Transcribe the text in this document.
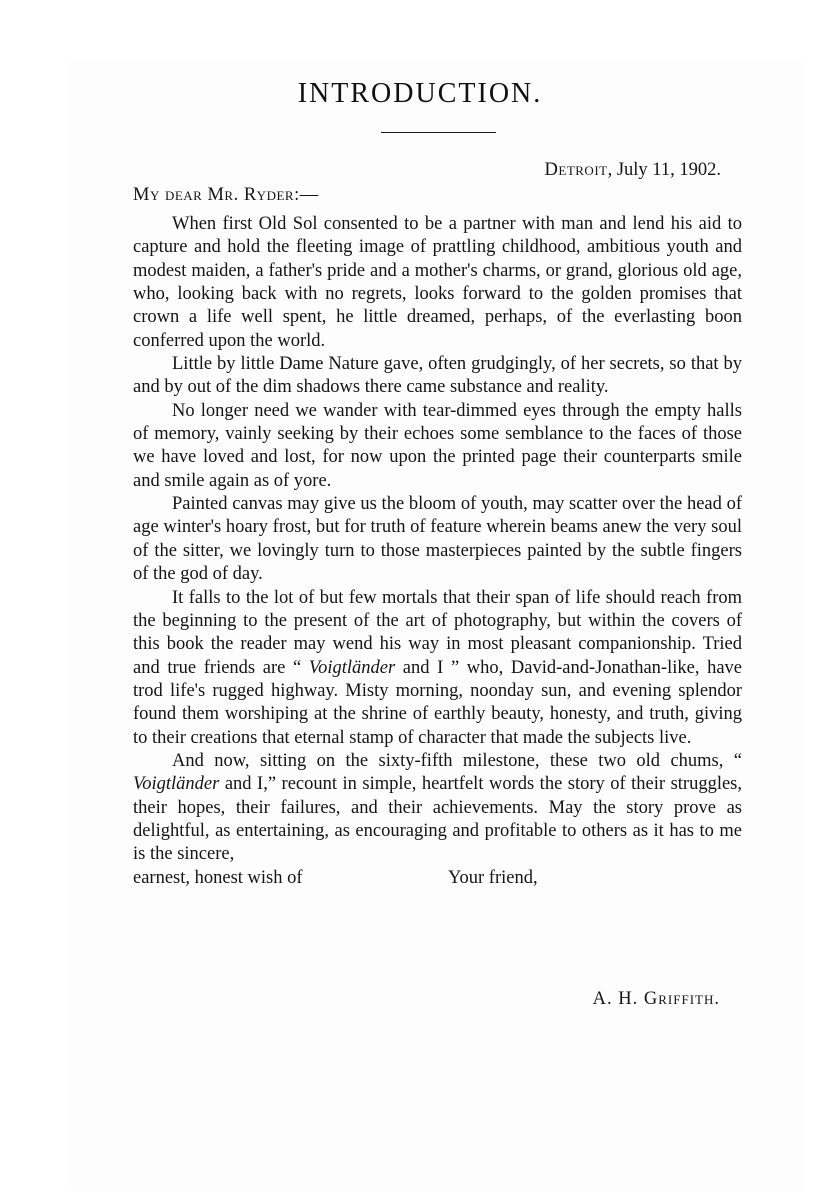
INTRODUCTION.
Detroit, July 11, 1902.
My dear Mr. Ryder:—

When first Old Sol consented to be a partner with man and lend his aid to capture and hold the fleeting image of prattling childhood, ambitious youth and modest maiden, a father's pride and a mother's charms, or grand, glorious old age, who, looking back with no regrets, looks forward to the golden promises that crown a life well spent, he little dreamed, perhaps, of the everlasting boon conferred upon the world.

Little by little Dame Nature gave, often grudgingly, of her secrets, so that by and by out of the dim shadows there came substance and reality.

No longer need we wander with tear-dimmed eyes through the empty halls of memory, vainly seeking by their echoes some semblance to the faces of those we have loved and lost, for now upon the printed page their counterparts smile and smile again as of yore.

Painted canvas may give us the bloom of youth, may scatter over the head of age winter's hoary frost, but for truth of feature wherein beams anew the very soul of the sitter, we lovingly turn to those masterpieces painted by the subtle fingers of the god of day.

It falls to the lot of but few mortals that their span of life should reach from the beginning to the present of the art of photography, but within the covers of this book the reader may wend his way in most pleasant companionship. Tried and true friends are “ Voigtländer and I ” who, David-and-Jonathan-like, have trod life's rugged highway. Misty morning, noonday sun, and evening splendor found them worshiping at the shrine of earthly beauty, honesty, and truth, giving to their creations that eternal stamp of character that made the subjects live.

And now, sitting on the sixty-fifth milestone, these two old chums, “ Voigtländer and I,” recount in simple, heartfelt words the story of their struggles, their hopes, their failures, and their achievements. May the story prove as delightful, as entertaining, as encouraging and profitable to others as it has to me is the sincere,

earnest, honest wish of	Your friend,
A. H. Griffith.
